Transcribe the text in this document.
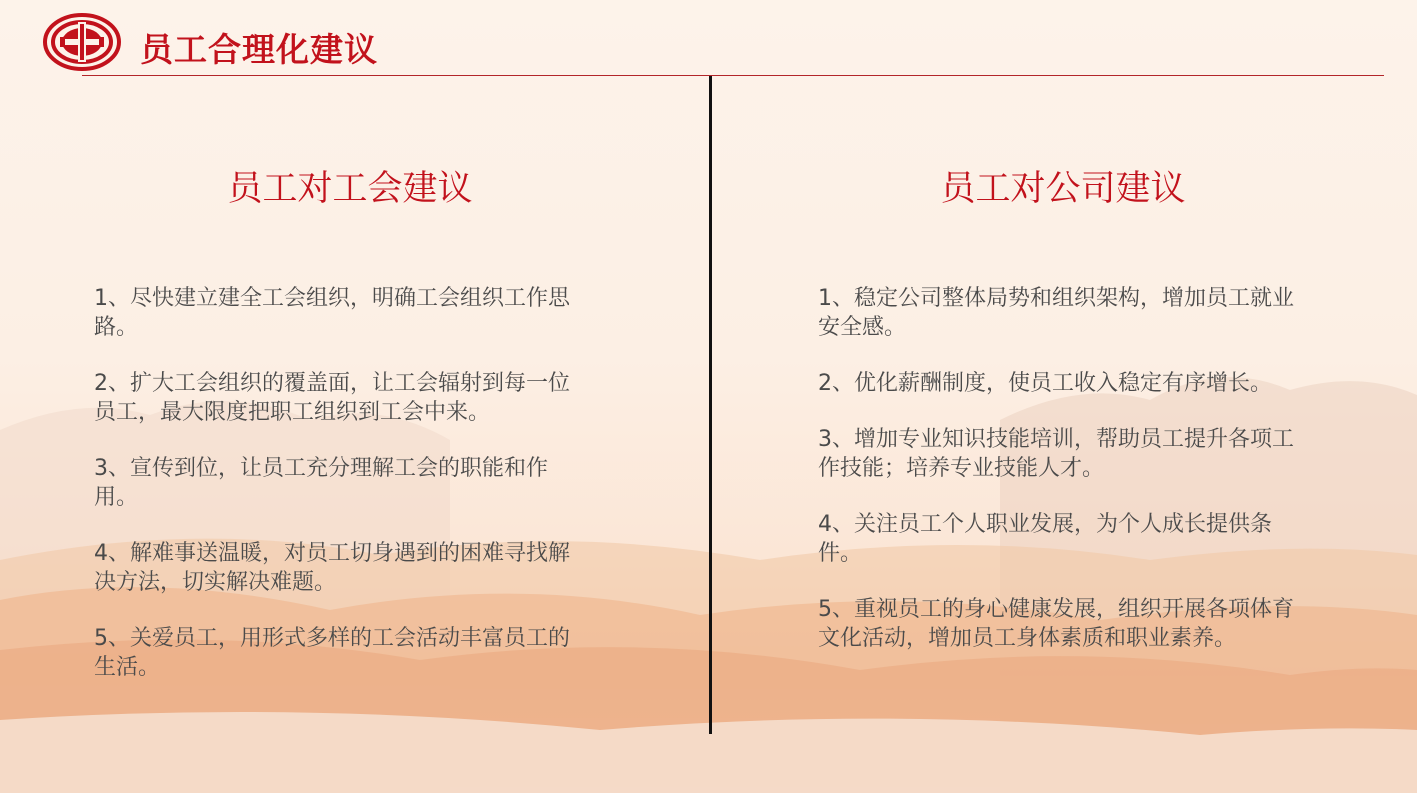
员工合理化建议
员工对工会建议
1、尽快建立建全工会组织，明确工会组织工作思路。
2、扩大工会组织的覆盖面，让工会辐射到每一位员工，最大限度把职工组织到工会中来。
3、宣传到位，让员工充分理解工会的职能和作用。
4、解难事送温暖，对员工切身遇到的困难寻找解决方法，切实解决难题。
5、关爱员工，用形式多样的工会活动丰富员工的生活。
员工对公司建议
1、稳定公司整体局势和组织架构，增加员工就业安全感。
2、优化薪酬制度，使员工收入稳定有序增长。
3、增加专业知识技能培训，帮助员工提升各项工作技能；培养专业技能人才。
4、关注员工个人职业发展，为个人成长提供条件。
5、重视员工的身心健康发展，组织开展各项体育文化活动，增加员工身体素质和职业素养。
